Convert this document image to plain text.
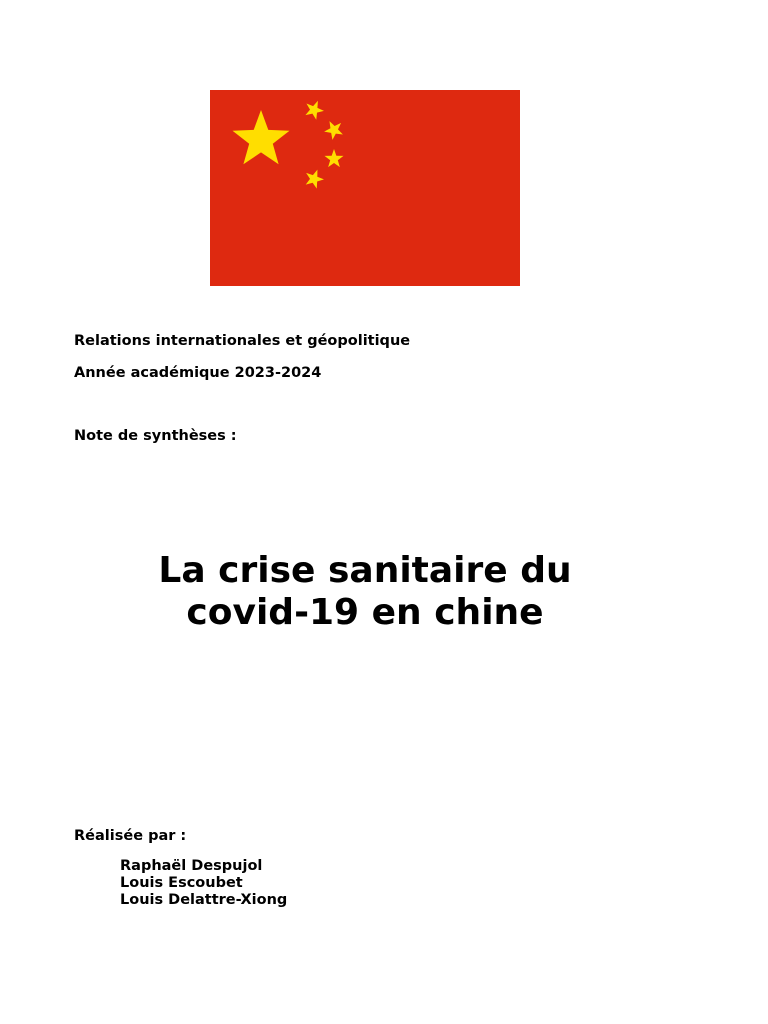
Relations internationales et géopolitique
Année académique 2023-2024
Note de synthèses :
La crise sanitaire du
covid-19 en chine
Réalisée par :
Raphaël Despujol
Louis Escoubet
Louis Delattre-Xiong
